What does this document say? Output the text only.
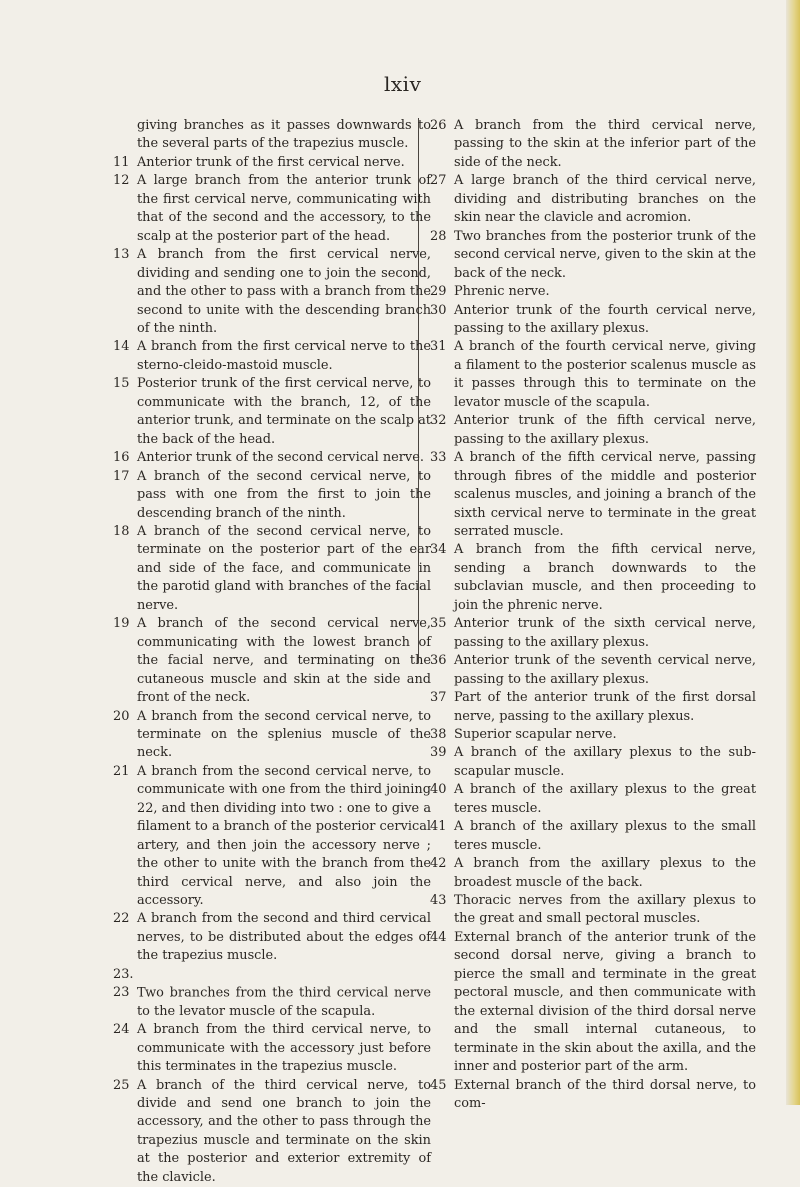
lxiv

giving branches as it passes downwards to the several parts of the trapezius muscle.

11 Anterior trunk of the first cervical nerve.

12 A large branch from the anterior trunk of the first cervical nerve, communicating with that of the second and the accessory, to the scalp at the posterior part of the head.

13 A branch from the first cervical nerve, dividing and sending one to join the second, and the other to pass with a branch from the second to unite with the descending branch of the ninth.

14 A branch from the first cervical nerve to the sterno-cleido-mastoid muscle.

15 Posterior trunk of the first cervical nerve, to communicate with the branch, 12, of the anterior trunk, and terminate on the scalp at the back of the head.

16 Anterior trunk of the second cervical nerve.

17 A branch of the second cervical nerve, to pass with one from the first to join the descending branch of the ninth.

18 A branch of the second cervical nerve, to terminate on the posterior part of the ear and side of the face, and communicate in the parotid gland with branches of the facial nerve.

19 A branch of the second cervical nerve, communicating with the lowest branch of the facial nerve, and terminating on the cutaneous muscle and skin at the side and front of the neck.

20 A branch from the second cervical nerve, to terminate on the splenius muscle of the neck.

21 A branch from the second cervical nerve, to communicate with one from the third joining 22, and then dividing into two : one to give a filament to a branch of the posterior cervical artery, and then join the accessory nerve ; the other to unite with the branch from the third cervical nerve, and also join the accessory.

22 A branch from the second and third cervical nerves, to be distributed about the edges of the trapezius muscle.

23. 23 Two branches from the third cervical nerve to the levator muscle of the scapula.

24 A branch from the third cervical nerve, to communicate with the accessory just before this terminates in the trapezius muscle.

25 A branch of the third cervical nerve, to divide and send one branch to join the accessory, and the other to pass through the trapezius muscle and terminate on the skin at the posterior and exterior extremity of the clavicle.

26 A branch from the third cervical nerve, passing to the skin at the inferior part of the side of the neck.

27 A large branch of the third cervical nerve, dividing and distributing branches on the skin near the clavicle and acromion.

28 Two branches from the posterior trunk of the second cervical nerve, given to the skin at the back of the neck.

29 Phrenic nerve.

30 Anterior trunk of the fourth cervical nerve, passing to the axillary plexus.

31 A branch of the fourth cervical nerve, giving a filament to the posterior scalenus muscle as it passes through this to terminate on the levator muscle of the scapula.

32 Anterior trunk of the fifth cervical nerve, passing to the axillary plexus.

33 A branch of the fifth cervical nerve, passing through fibres of the middle and posterior scalenus muscles, and joining a branch of the sixth cervical nerve to terminate in the great serrated muscle.

34 A branch from the fifth cervical nerve, sending a branch downwards to the subclavian muscle, and then proceeding to join the phrenic nerve.

35 Anterior trunk of the sixth cervical nerve, passing to the axillary plexus.

36 Anterior trunk of the seventh cervical nerve, passing to the axillary plexus.

37 Part of the anterior trunk of the first dorsal nerve, passing to the axillary plexus.

38 Superior scapular nerve.

39 A branch of the axillary plexus to the sub-scapular muscle.

40 A branch of the axillary plexus to the great teres muscle.

41 A branch of the axillary plexus to the small teres muscle.

42 A branch from the axillary plexus to the broadest muscle of the back.

43 Thoracic nerves from the axillary plexus to the great and small pectoral muscles.

44 External branch of the anterior trunk of the second dorsal nerve, giving a branch to pierce the small and terminate in the great pectoral muscle, and then communicate with the external division of the third dorsal nerve and the small internal cutaneous, to terminate in the skin about the axilla, and the inner and posterior part of the arm.

45 External branch of the third dorsal nerve, to com-
